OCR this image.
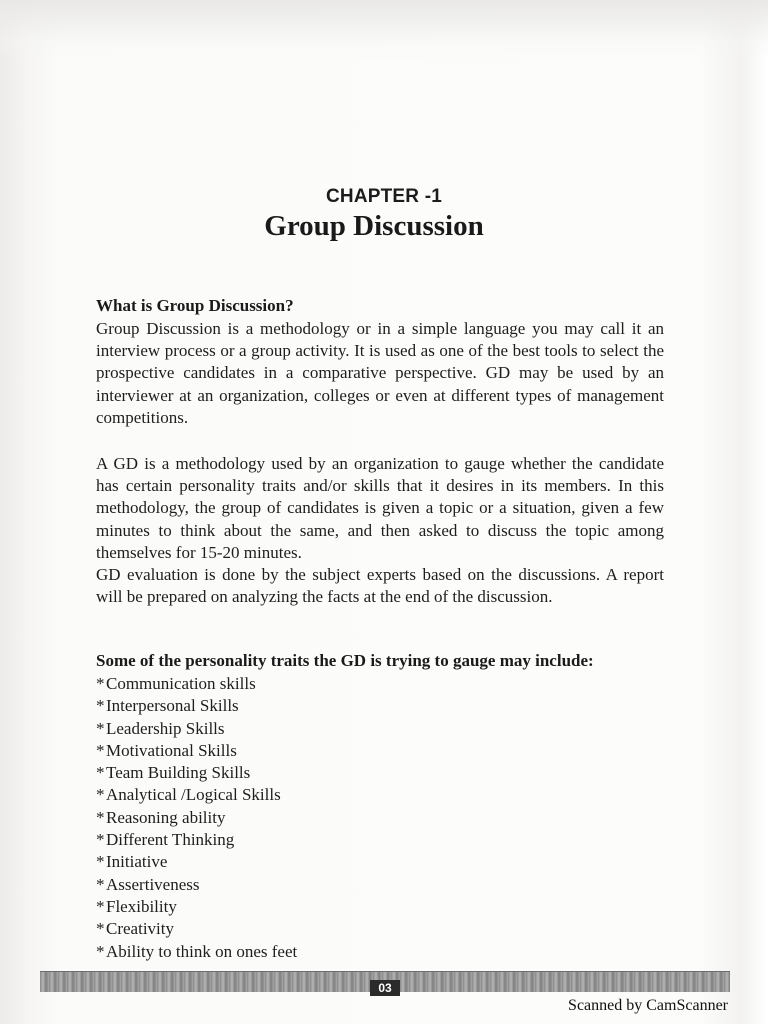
CHAPTER -1
Group Discussion
What is Group Discussion?

Group Discussion is a methodology or in a simple language you may call it an interview process or a group activity. It is used as one of the best tools to select the prospective candidates in a comparative perspective. GD may be used by an interviewer at an organization, colleges or even at different types of management competitions.

A GD is a methodology used by an organization to gauge whether the candidate has certain personality traits and/or skills that it desires in its members. In this methodology, the group of candidates is given a topic or a situation, given a few minutes to think about the same, and then asked to discuss the topic among themselves for 15-20 minutes.

GD evaluation is done by the subject experts based on the discussions. A report will be prepared on analyzing the facts at the end of the discussion.

Some of the personality traits the GD is trying to gauge may include:
*Communication skills
*Interpersonal Skills
*Leadership Skills
*Motivational Skills
*Team Building Skills
*Analytical /Logical Skills
*Reasoning ability
*Different Thinking
*Initiative
*Assertiveness
*Flexibility
*Creativity
*Ability to think on ones feet
03
Scanned by CamScanner
